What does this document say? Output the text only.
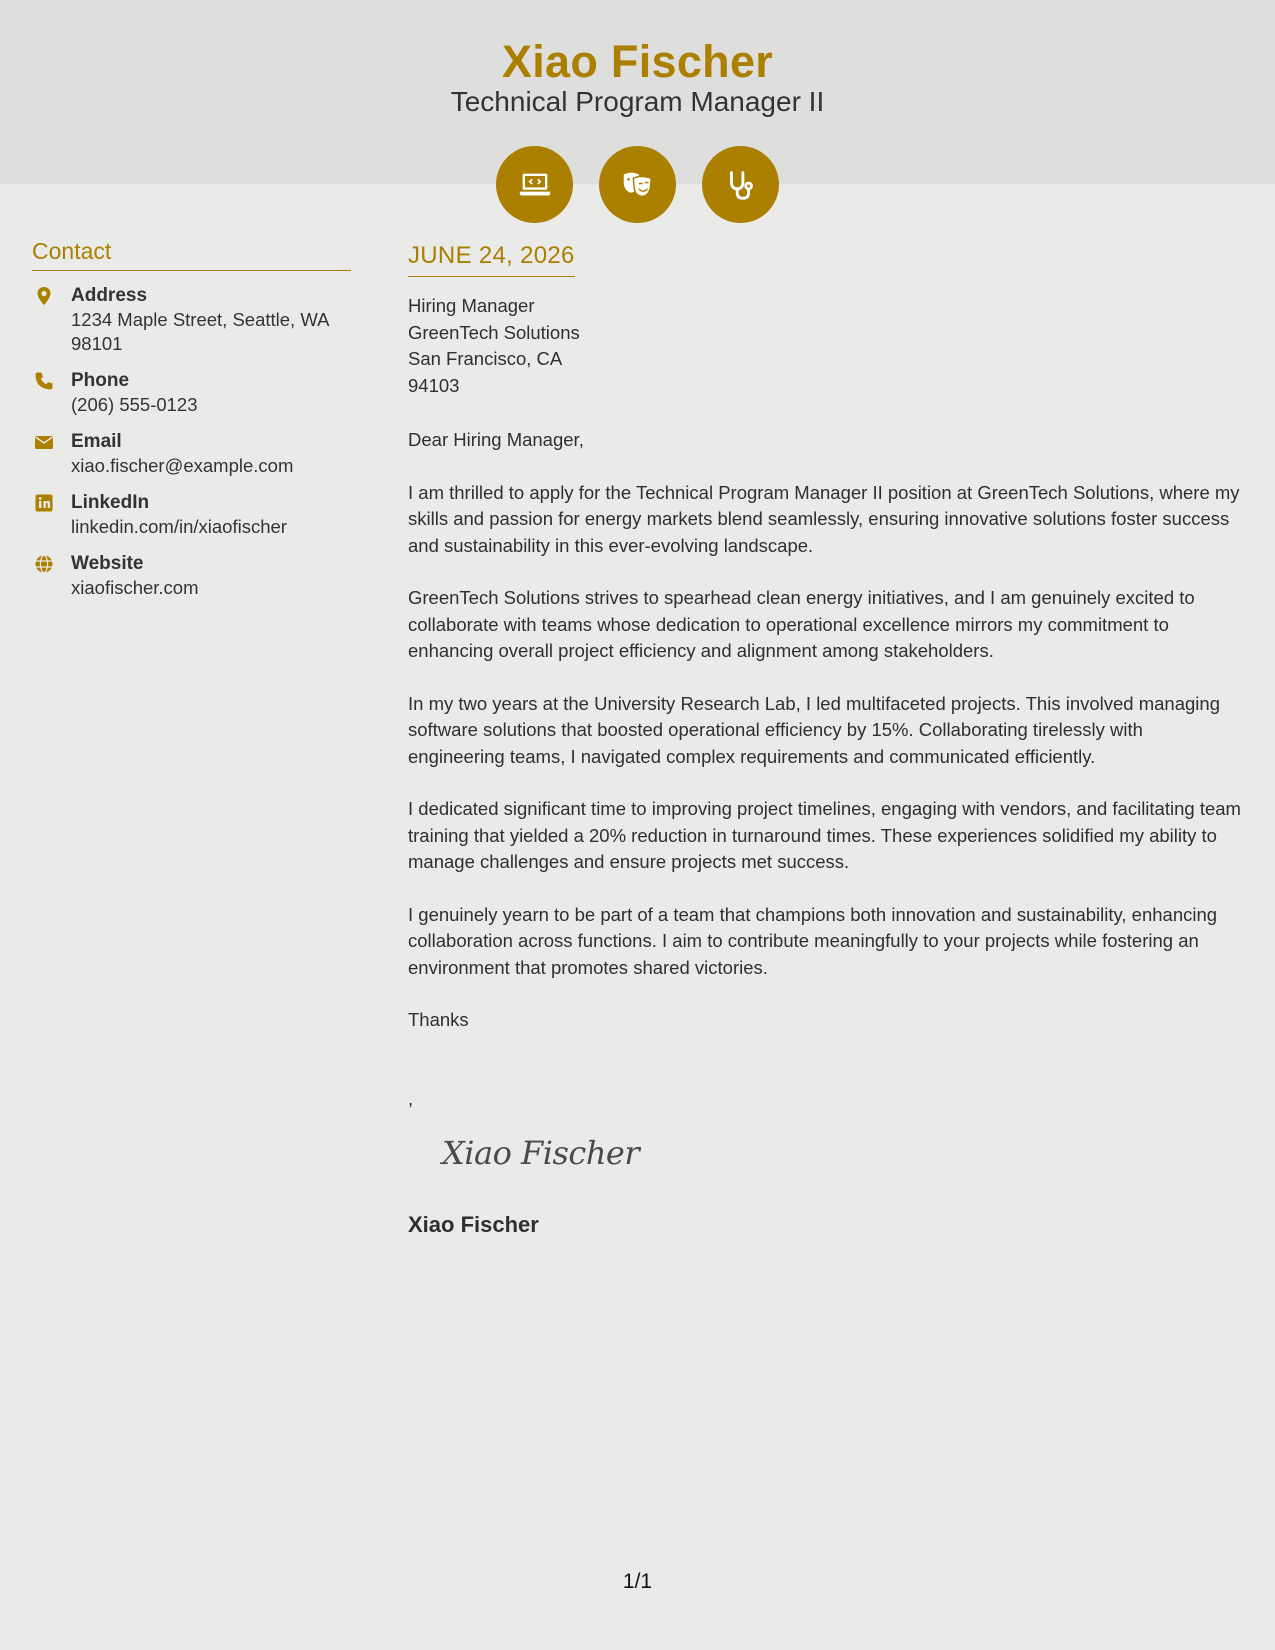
Xiao Fischer
Technical Program Manager II
Contact
Address
1234 Maple Street, Seattle, WA 98101
Phone
(206) 555-0123
Email
xiao.fischer@example.com
LinkedIn
linkedin.com/in/xiaofischer
Website
xiaofischer.com
JUNE 24, 2026
Hiring Manager
GreenTech Solutions
San Francisco, CA
94103

Dear Hiring Manager,

I am thrilled to apply for the Technical Program Manager II position at GreenTech Solutions, where my skills and passion for energy markets blend seamlessly, ensuring innovative solutions foster success and sustainability in this ever-evolving landscape.

GreenTech Solutions strives to spearhead clean energy initiatives, and I am genuinely excited to collaborate with teams whose dedication to operational excellence mirrors my commitment to enhancing overall project efficiency and alignment among stakeholders.

In my two years at the University Research Lab, I led multifaceted projects. This involved managing software solutions that boosted operational efficiency by 15%. Collaborating tirelessly with engineering teams, I navigated complex requirements and communicated efficiently.

I dedicated significant time to improving project timelines, engaging with vendors, and facilitating team training that yielded a 20% reduction in turnaround times. These experiences solidified my ability to manage challenges and ensure projects met success.

I genuinely yearn to be part of a team that champions both innovation and sustainability, enhancing collaboration across functions. I aim to contribute meaningfully to your projects while fostering an environment that promotes shared victories.

Thanks

,

Xiao Fischer
Xiao Fischer
1/1
